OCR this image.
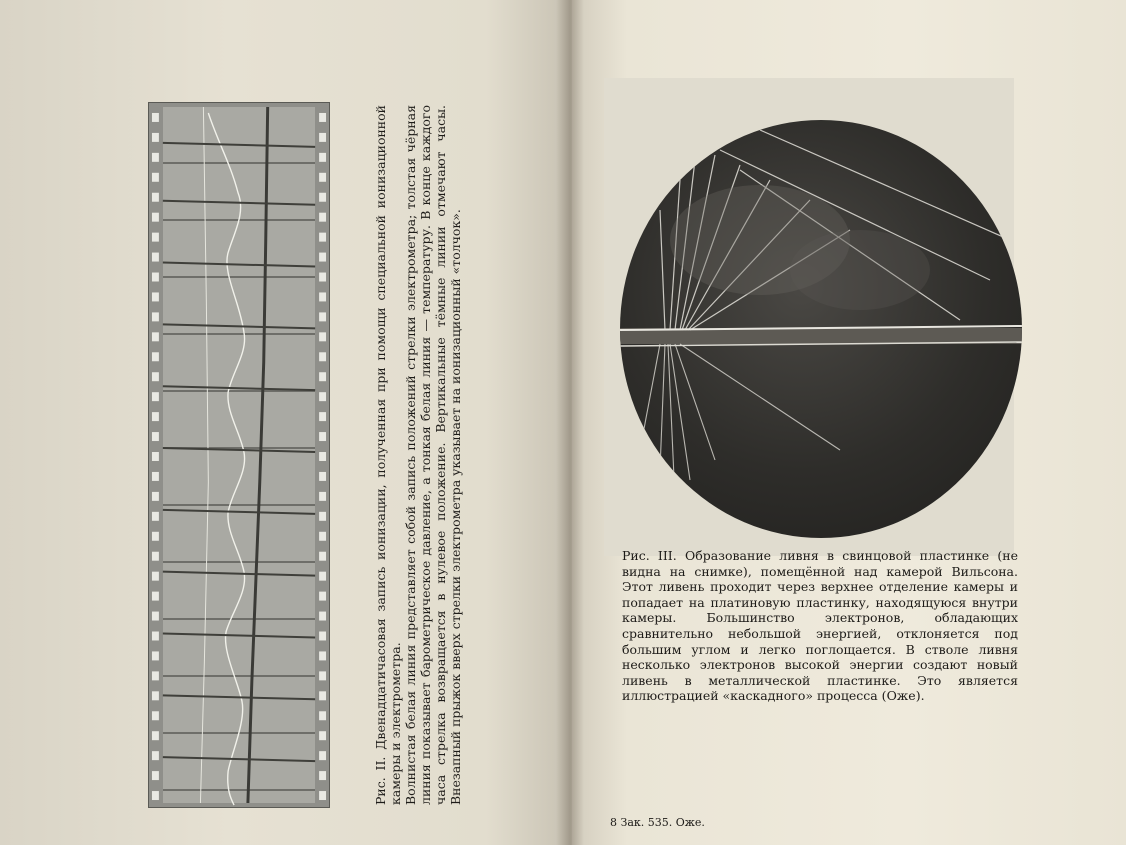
Рис. II. Двенадцатичасовая запись ионизации, полученная при помощи специальной ионизационной камеры и электрометра. Волнистая белая линия представляет собой запись положений стрелки электрометра; толстая чёрная линия показывает барометрическое давление, а тонкая белая линия — температуру. В конце каждого часа стрелка возвращается в нулевое положение. Вертикальные тёмные линии отмечают часы. Внезапный прыжок вверх стрелки электрометра указывает на ионизационный «толчок».	Рис. III. Образование ливня в свинцовой пластинке (не видна на снимке), помещённой над камерой Вильсона. Этот ливень проходит через верхнее отделение камеры и попадает на платиновую пластинку, находящуюся внутри камеры. Большинство электронов, обладающих сравнительно небольшой энергией, отклоняется под большим углом и легко поглощается. В стволе ливня несколько электронов высокой энергии создают новый ливень в металлической пластинке. Это является иллюстрацией «каскадного» процесса (Оже).
8 Зак. 535. Оже.
